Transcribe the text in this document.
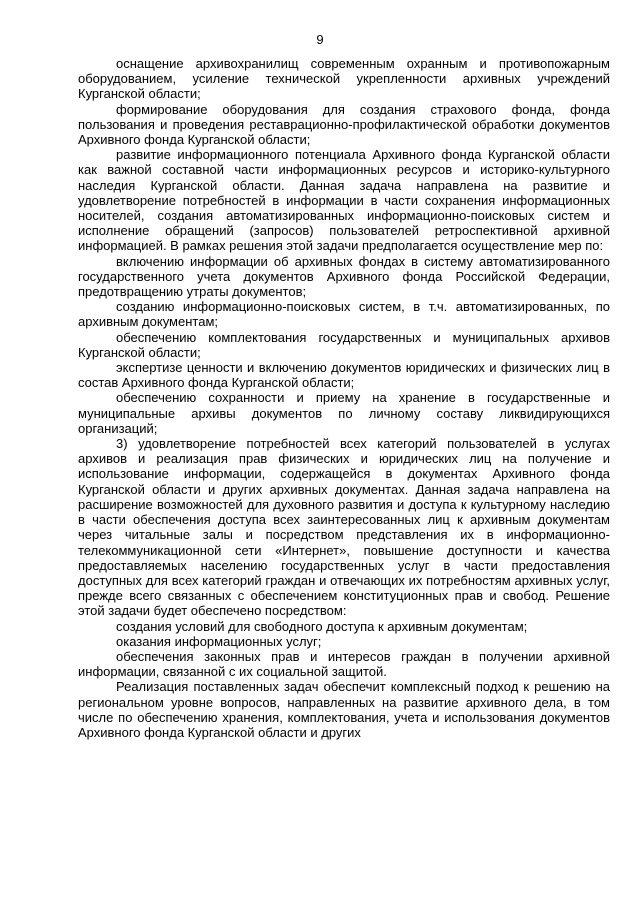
9

оснащение архивохранилищ современным охранным и противопожарным оборудованием, усиление технической укрепленности архивных учреждений Курганской области;

формирование оборудования для создания страхового фонда, фонда пользования и проведения реставрационно-профилактической обработки документов Архивного фонда Курганской области;

развитие информационного потенциала Архивного фонда Курганской области как важной составной части информационных ресурсов и историко-культурного наследия Курганской области. Данная задача направлена на развитие и удовлетворение потребностей в информации в части сохранения информационных носителей, создания автоматизированных информационно-поисковых систем и исполнение обращений (запросов) пользователей ретроспективной архивной информацией. В рамках решения этой задачи предполагается осуществление мер по:

включению информации об архивных фондах в систему автоматизированного государственного учета документов Архивного фонда Российской Федерации, предотвращению утраты документов;

созданию информационно-поисковых систем, в т.ч. автоматизированных, по архивным документам;

обеспечению комплектования государственных и муниципальных архивов Курганской области;

экспертизе ценности и включению документов юридических и физических лиц в состав Архивного фонда Курганской области;

обеспечению сохранности и приему на хранение в государственные и муниципальные архивы документов по личному составу ликвидирующихся организаций;

3) удовлетворение потребностей всех категорий пользователей в услугах архивов и реализация прав физических и юридических лиц на получение и использование информации, содержащейся в документах Архивного фонда Курганской области и других архивных документах. Данная задача направлена на расширение возможностей для духовного развития и доступа к культурному наследию в части обеспечения доступа всех заинтересованных лиц к архивным документам через читальные залы и посредством представления их в информационно-телекоммуникационной сети «Интернет», повышение доступности и качества предоставляемых населению государственных услуг в части предоставления доступных для всех категорий граждан и отвечающих их потребностям архивных услуг, прежде всего связанных с обеспечением конституционных прав и свобод. Решение этой задачи будет обеспечено посредством:

создания условий для свободного доступа к архивным документам;

оказания информационных услуг;

обеспечения законных прав и интересов граждан в получении архивной информации, связанной с их социальной защитой.

Реализация поставленных задач обеспечит комплексный подход к решению на региональном уровне вопросов, направленных на развитие архивного дела, в том числе по обеспечению хранения, комплектования, учета и использования документов Архивного фонда Курганской области и других
